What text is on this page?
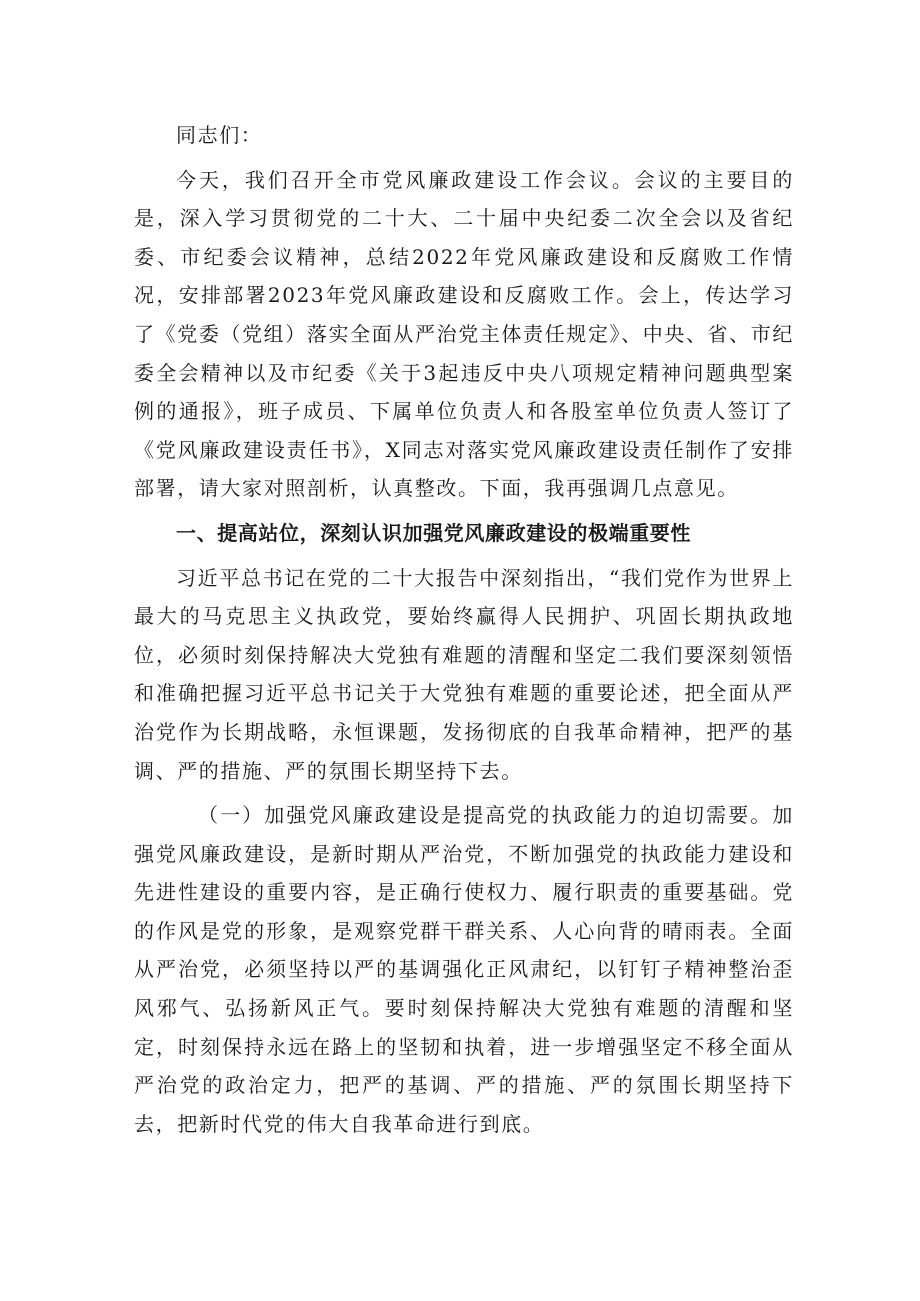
同志们：

今天，我们召开全市党风廉政建设工作会议。会议的主要目的是，深入学习贯彻党的二十大、二十届中央纪委二次全会以及省纪委、市纪委会议精神，总结2022年党风廉政建设和反腐败工作情况，安排部署2023年党风廉政建设和反腐败工作。会上，传达学习了《党委（党组）落实全面从严治党主体责任规定》、中央、省、市纪委全会精神以及市纪委《关于3起违反中央八项规定精神问题典型案例的通报》，班子成员、下属单位负责人和各股室单位负责人签订了《党风廉政建设责任书》，X同志对落实党风廉政建设责任制作了安排部署，请大家对照剖析，认真整改。下面，我再强调几点意见。

一、提高站位，深刻认识加强党风廉政建设的极端重要性

习近平总书记在党的二十大报告中深刻指出，“我们党作为世界上最大的马克思主义执政党，要始终赢得人民拥护、巩固长期执政地位，必须时刻保持解决大党独有难题的清醒和坚定二我们要深刻领悟和准确把握习近平总书记关于大党独有难题的重要论述，把全面从严治党作为长期战略，永恒课题，发扬彻底的自我革命精神，把严的基调、严的措施、严的氛围长期坚持下去。

（一）加强党风廉政建设是提高党的执政能力的迫切需要。加强党风廉政建设，是新时期从严治党，不断加强党的执政能力建设和先进性建设的重要内容，是正确行使权力、履行职责的重要基础。党的作风是党的形象，是观察党群干群关系、人心向背的晴雨表。全面从严治党，必须坚持以严的基调强化正风肃纪，以钉钉子精神整治歪风邪气、弘扬新风正气。要时刻保持解决大党独有难题的清醒和坚定，时刻保持永远在路上的坚韧和执着，进一步增强坚定不移全面从严治党的政治定力，把严的基调、严的措施、严的氛围长期坚持下去，把新时代党的伟大自我革命进行到底。
